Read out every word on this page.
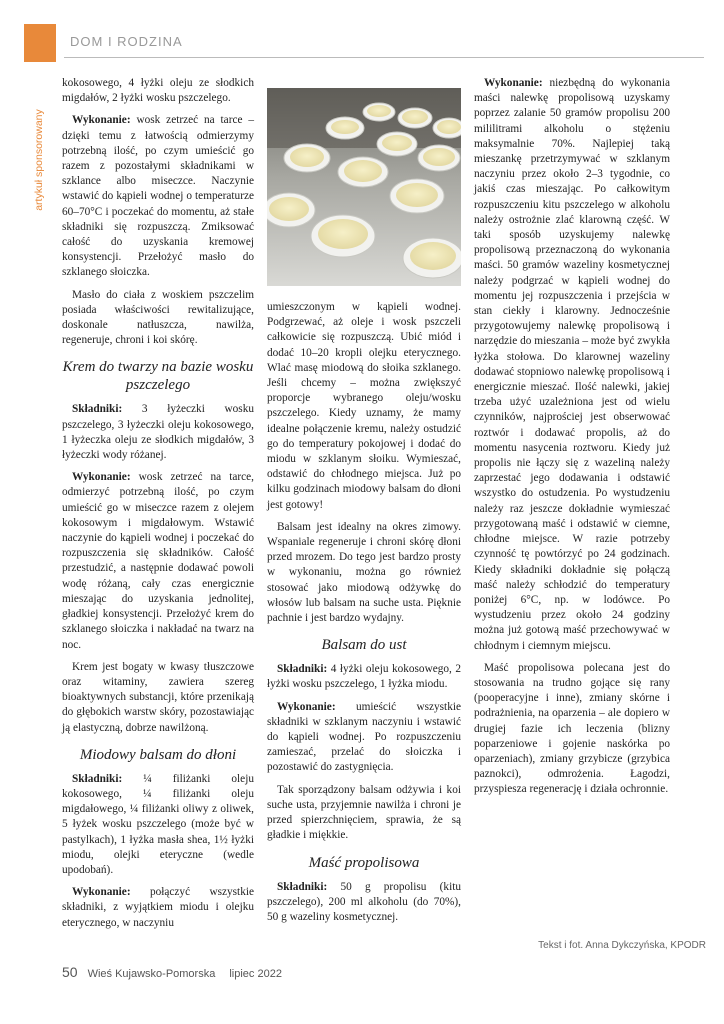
DOM I RODZINA
artykuł sponsorowany

kokosowego, 4 łyżki oleju ze słodkich migdałów, 2 łyżki wosku pszczelego.

Wykonanie: wosk zetrzeć na tarce – dzięki temu z łatwością odmierzymy potrzebną ilość, po czym umieścić go razem z pozostałymi składnikami w szklance albo miseczce. Naczynie wstawić do kąpieli wodnej o temperaturze 60–70°C i poczekać do momentu, aż stałe składniki się rozpuszczą. Zmiksować całość do uzyskania kremowej konsystencji. Przełożyć masło do szklanego słoiczka.

Masło do ciała z woskiem pszczelim posiada właściwości rewitalizujące, doskonale natłuszcza, nawilża, regeneruje, chroni i koi skórę.

Krem do twarzy na bazie wosku pszczelego

Składniki: 3 łyżeczki wosku pszczelego, 3 łyżeczki oleju kokosowego, 1 łyżeczka oleju ze słodkich migdałów, 3 łyżeczki wody różanej.

Wykonanie: wosk zetrzeć na tarce, odmierzyć potrzebną ilość, po czym umieścić go w miseczce razem z olejem kokosowym i migdałowym. Wstawić naczynie do kąpieli wodnej i poczekać do rozpuszczenia się składników. Całość przestudzić, a następnie dodawać powoli wodę różaną, cały czas energicznie mieszając do uzyskania jednolitej, gładkiej konsystencji. Przełożyć krem do szklanego słoiczka i nakładać na twarz na noc.

Krem jest bogaty w kwasy tłuszczowe oraz witaminy, zawiera szereg bioaktywnych substancji, które przenikają do głębokich warstw skóry, pozostawiając ją elastyczną, dobrze nawilżoną.

Miodowy balsam do dłoni

Składniki: ¼ filiżanki oleju kokosowego, ¼ filiżanki oleju migdałowego, ¼ filiżanki oliwy z oliwek, 5 łyżek wosku pszczelego (może być w pastylkach), 1 łyżka masła shea, 1½ łyżki miodu, olejki eteryczne (wedle upodobań).

Wykonanie: połączyć wszystkie składniki, z wyjątkiem miodu i olejku eterycznego, w naczyniu

umieszczonym w kąpieli wodnej. Podgrzewać, aż oleje i wosk pszczeli całkowicie się rozpuszczą. Ubić miód i dodać 10–20 kropli olejku eterycznego. Wlać masę miodową do słoika szklanego. Jeśli chcemy – można zwiększyć proporcje wybranego oleju/wosku pszczelego. Kiedy uznamy, że mamy idealne połączenie kremu, należy ostudzić go do temperatury pokojowej i dodać do miodu w szklanym słoiku. Wymieszać, odstawić do chłodnego miejsca. Już po kilku godzinach miodowy balsam do dłoni jest gotowy!

Balsam jest idealny na okres zimowy. Wspaniale regeneruje i chroni skórę dłoni przed mrozem. Do tego jest bardzo prosty w wykonaniu, można go również stosować jako miodową odżywkę do włosów lub balsam na suche usta. Pięknie pachnie i jest bardzo wydajny.

Balsam do ust

Składniki: 4 łyżki oleju kokosowego, 2 łyżki wosku pszczelego, 1 łyżka miodu.

Wykonanie: umieścić wszystkie składniki w szklanym naczyniu i wstawić do kąpieli wodnej. Po rozpuszczeniu zamieszać, przelać do słoiczka i pozostawić do zastygnięcia.

Tak sporządzony balsam odżywia i koi suche usta, przyjemnie nawilża i chroni je przed spierzchnięciem, sprawia, że są gładkie i miękkie.

Maść propolisowa

Składniki: 50 g propolisu (kitu pszczelego), 200 ml alkoholu (do 70%), 50 g wazeliny kosmetycznej.

Wykonanie: niezbędną do wykonania maści nalewkę propolisową uzyskamy poprzez zalanie 50 gramów propolisu 200 mililitrami alkoholu o stężeniu maksymalnie 70%. Najlepiej taką mieszankę przetrzymywać w szklanym naczyniu przez około 2–3 tygodnie, co jakiś czas mieszając. Po całkowitym rozpuszczeniu kitu pszczelego w alkoholu należy ostrożnie zlać klarowną część. W taki sposób uzyskujemy nalewkę propolisową przeznaczoną do wykonania maści. 50 gramów wazeliny kosmetycznej należy podgrzać w kąpieli wodnej do momentu jej rozpuszczenia i przejścia w stan ciekły i klarowny. Jednocześnie przygotowujemy nalewkę propolisową i narzędzie do mieszania – może być zwykła łyżka stołowa. Do klarownej wazeliny dodawać stopniowo nalewkę propolisową i energicznie mieszać. Ilość nalewki, jakiej trzeba użyć uzależniona jest od wielu czynników, najprościej jest obserwować roztwór i dodawać propolis, aż do momentu nasycenia roztworu. Kiedy już propolis nie łączy się z wazeliną należy zaprzestać jego dodawania i odstawić wszystko do ostudzenia. Po wystudzeniu należy raz jeszcze dokładnie wymieszać przygotowaną maść i odstawić w ciemne, chłodne miejsce. W razie potrzeby czynność tę powtórzyć po 24 godzinach. Kiedy składniki dokładnie się połączą maść należy schłodzić do temperatury poniżej 6°C, np. w lodówce. Po wystudzeniu przez około 24 godziny można już gotową maść przechowywać w chłodnym i ciemnym miejscu.

Maść propolisowa polecana jest do stosowania na trudno gojące się rany (pooperacyjne i inne), zmiany skórne i podrażnienia, na oparzenia – ale dopiero w drugiej fazie ich leczenia (blizny poparzeniowe i gojenie naskórka po oparzeniach), zmiany grzybicze (grzybica paznokci), odmrożenia. Łagodzi, przyspiesza regenerację i działa ochronnie.

Tekst i fot. Anna Dykczyńska, KPODR
50 Wieś Kujawsko-Pomorska lipiec 2022
